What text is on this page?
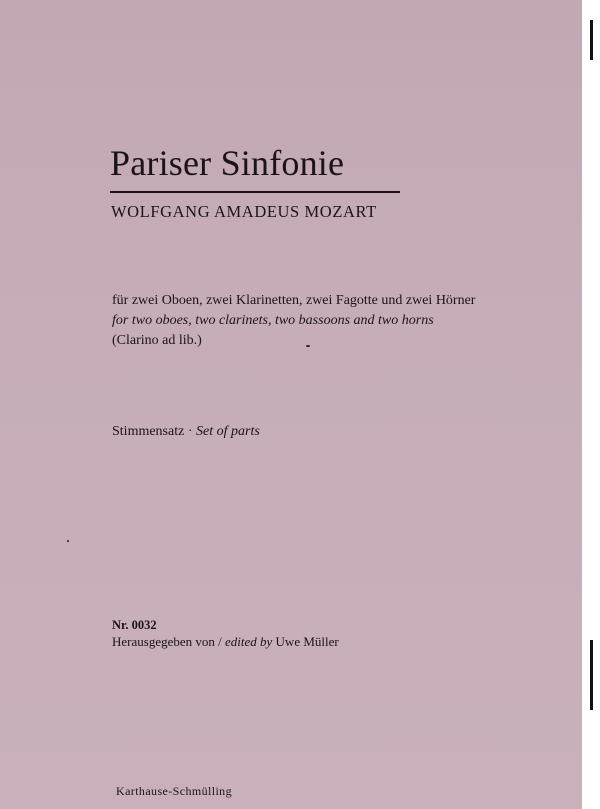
Pariser Sinfonie
WOLFGANG AMADEUS MOZART
für zwei Oboen, zwei Klarinetten, zwei Fagotte und zwei Hörner
for two oboes, two clarinets, two bassoons and two horns
(Clarino ad lib.)
Stimmensatz · Set of parts
Nr. 0032
Herausgegeben von / edited by Uwe Müller
Karthause-Schmülling
